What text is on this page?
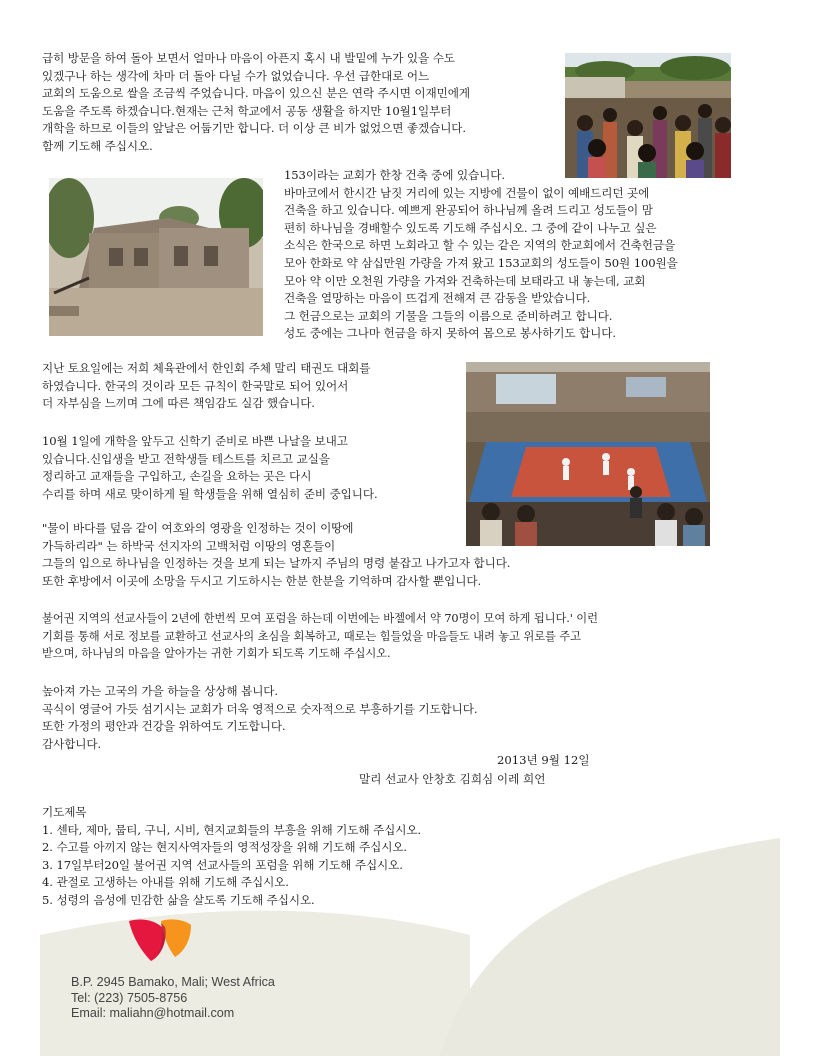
급히 방문을 하여 돌아 보면서 얼마나 마음이 아픈지 혹시 내 발밑에 누가 있을 수도
있겠구나 하는 생각에 차마 더 돌아 다닐 수가 없었습니다. 우선 급한대로 어느
교회의 도움으로 쌀을 조금씩 주었습니다. 마음이 있으신 분은 연락 주시면 이재민에게
도움을 주도록 하겠습니다.현재는 근처 학교에서 공동 생활을 하지만 10월1일부터
개학을 하므로 이들의 앞날은 어둡기만 합니다. 더 이상 큰 비가 없었으면 좋겠습니다.
함께 기도해 주십시오.
153이라는 교회가 한창 건축 중에 있습니다.
바마코에서 한시간 남짓 거리에 있는 지방에 건물이 없이 예배드리던 곳에
건축을 하고 있습니다. 예쁘게 완공되어 하나님께 올려 드리고 성도들이 맘
편히 하나님을 경배할수 있도록 기도해 주십시오. 그 중에 같이 나누고 싶은
소식은 한국으로 하면 노회라고 할 수 있는 같은 지역의 한교회에서 건축헌금을
모아 한화로 약 삼십만원 가량을 가져 왔고 153교회의 성도들이 50원 100원을
모아 약 이만 오천원 가량을 가져와 건축하는데 보태라고 내 놓는데, 교회
건축을 열망하는 마음이 뜨겁게 전해져 큰 감동을 받았습니다.
그 헌금으로는 교회의 기물을 그들의 이름으로 준비하려고 합니다.
성도 중에는 그나마 헌금을 하지 못하여 몸으로 봉사하기도 합니다.
지난 토요일에는 저희 체육관에서 한인회 주체 말리 태권도 대회를
하였습니다. 한국의 것이라 모든 규칙이 한국말로 되어 있어서
더 자부심을 느끼며 그에 따른 책임감도 실감 했습니다.
10월 1일에 개학을 앞두고 신학기 준비로 바쁜 나날을 보내고
있습니다.신입생을 받고 전학생들 테스트를 치르고 교실을
정리하고 교재들을 구입하고, 손길을 요하는 곳은 다시
수리를 하며 새로 맞이하게 될 학생들을 위해 열심히 준비 중입니다.
"물이 바다를 덮음 같이 여호와의 영광을 인정하는 것이 이땅에
가득하리라" 는 하박국 선지자의 고백처럼 이땅의 영혼들이
그들의 입으로 하나님을 인정하는 것을 보게 되는 날까지 주님의 명령 붙잡고 나가고자 합니다.
또한 후방에서 이곳에 소망을 두시고 기도하시는 한분 한분을 기억하며 감사할 뿐입니다.
불어권 지역의 선교사들이 2년에 한번씩 모여 포럼을 하는데 이번에는 바젤에서 약 70명이 모여 하게 됩니다.' 이런
기회를 통해 서로 정보를 교환하고 선교사의 초심을 회복하고, 때로는 힘들었을 마음들도 내려 놓고 위로를 주고
받으며, 하나님의 마음을 알아가는 귀한 기회가 되도록 기도해 주십시오.
높아져 가는 고국의 가을 하늘을 상상해 봅니다.
곡식이 영글어 가듯 섬기시는 교회가 더욱 영적으로 숫자적으로 부흥하기를 기도합니다.
또한 가정의 평안과 건강을 위하여도 기도합니다.
감사합니다.
2013년 9월 12일
말리 선교사 안창호 김희심 이레 희언
기도제목
1. 센타, 제마, 뭅티, 구니, 시비, 현지교회들의 부흥을 위해 기도해 주십시오.
2. 수고를 아끼지 않는 현지사역자들의 영적성장을 위해 기도해 주십시오.
3. 17일부터20일 불어권 지역 선교사들의 포럼을 위해 기도해 주십시오.
4. 관절로 고생하는 아내를 위해 기도해 주십시오.
5. 성령의 음성에 민감한 삶을 살도록 기도해 주십시오.
B.P. 2945 Bamako, Mali; West Africa
Tel: (223) 7505-8756
Email: maliahn@hotmail.com
